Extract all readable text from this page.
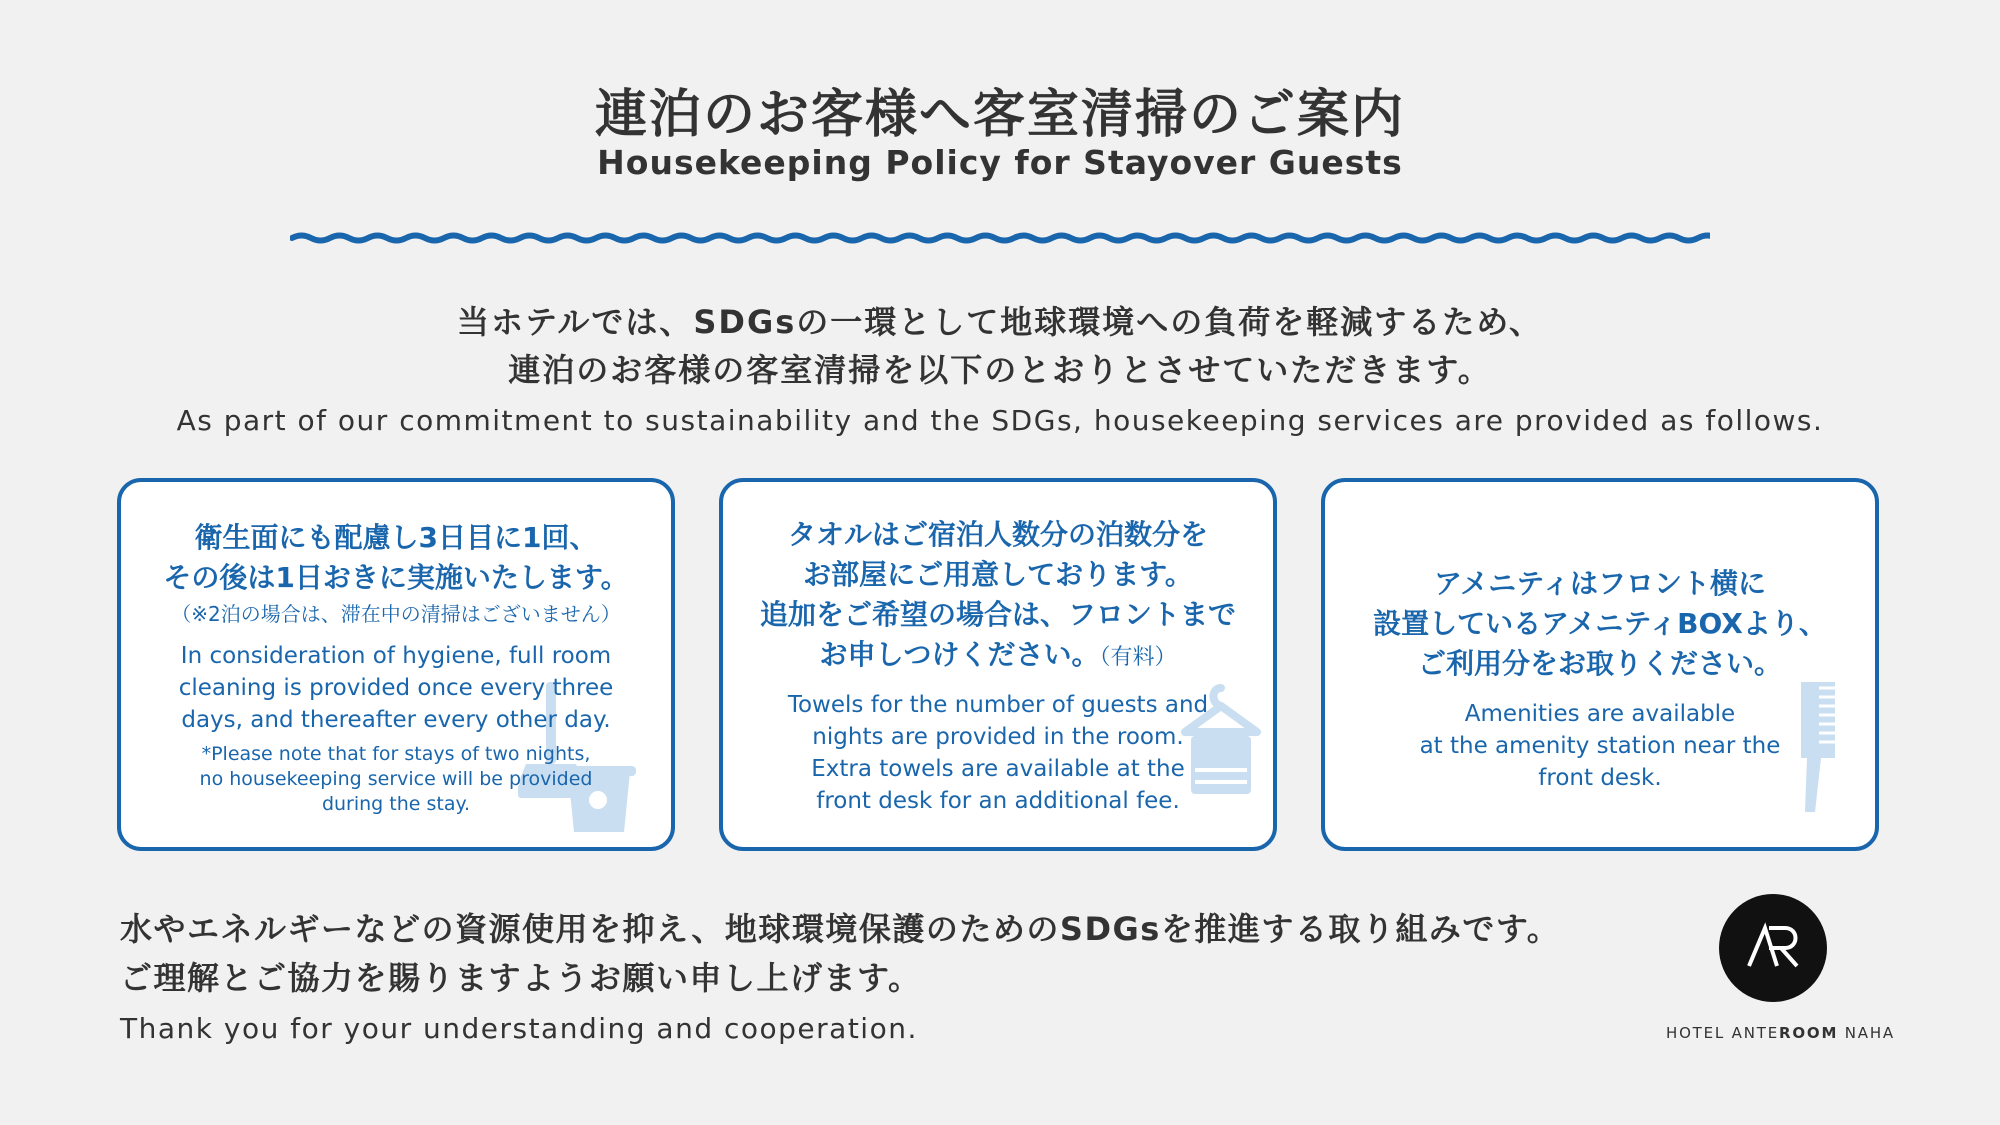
連泊のお客様へ客室清掃のご案内
Housekeeping Policy for Stayover Guests
当ホテルでは、SDGsの一環として地球環境への負荷を軽減するため、
連泊のお客様の客室清掃を以下のとおりとさせていただきます。
As part of our commitment to sustainability and the SDGs, housekeeping services are provided as follows.

衛生面にも配慮し3日目に1回、

その後は1日おきに実施いたします。

（※2泊の場合は、滞在中の清掃はございません）

In consideration of hygiene, full room
cleaning is provided once every three
days, and thereafter every other day.
*Please note that for stays of two nights,
no housekeeping service will be provided
during the stay.

タオルはご宿泊人数分の泊数分を

お部屋にご用意しております。

追加をご希望の場合は、フロントまで

お申しつけください。（有料）

Towels for the number of guests and
nights are provided in the room.
Extra towels are available at the
front desk for an additional fee.

アメニティはフロント横に

設置しているアメニティBOXより、

ご利用分をお取りください。

Amenities are available
at the amenity station near the
front desk.
水やエネルギーなどの資源使用を抑え、地球環境保護のためのSDGsを推進する取り組みです。
ご理解とご協力を賜りますようお願い申し上げます。
Thank you for your understanding and cooperation.	HOTEL ANTEROOM NAHA
